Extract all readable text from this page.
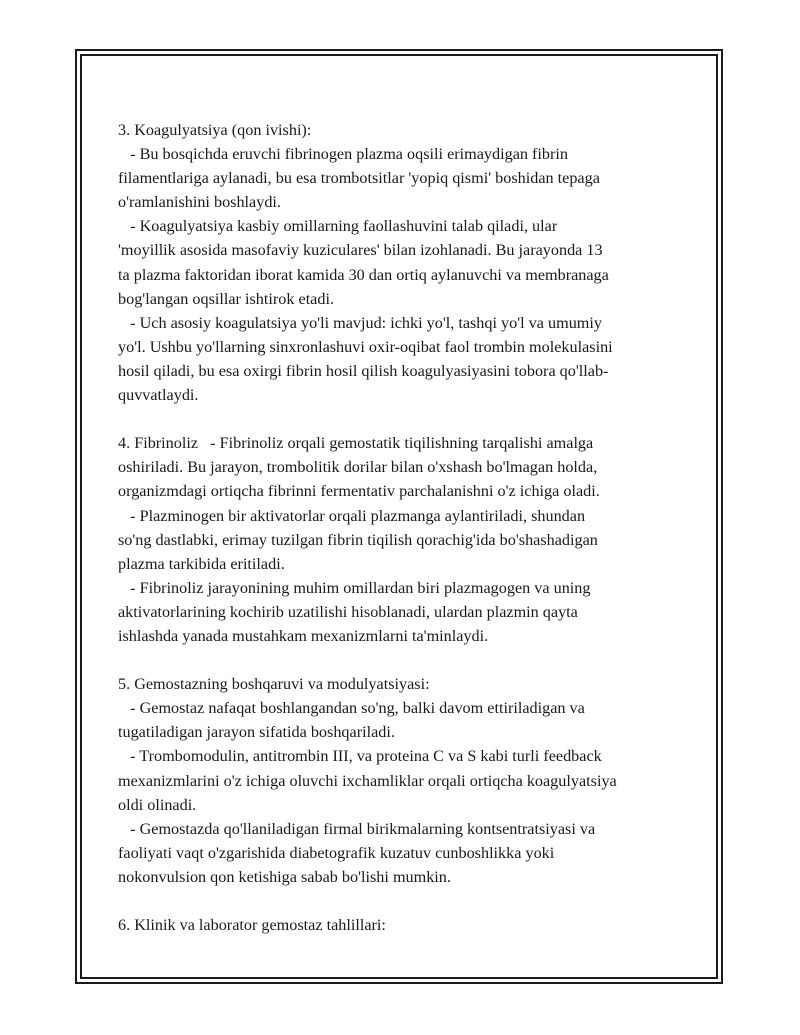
3. Koagulyatsiya (qon ivishi):
- Bu bosqichda eruvchi fibrinogen plazma oqsili erimaydigan fibrin
filamentlariga aylanadi, bu esa trombotsitlar 'yopiq qismi' boshidan tepaga
o'ramlanishini boshlaydi.
- Koagulyatsiya kasbiy omillarning faollashuvini talab qiladi, ular
'moyillik asosida masofaviy kuziculares' bilan izohlanadi. Bu jarayonda 13
ta plazma faktoridan iborat kamida 30 dan ortiq aylanuvchi va membranaga
bog'langan oqsillar ishtirok etadi.
- Uch asosiy koagulatsiya yo'li mavjud: ichki yo'l, tashqi yo'l va umumiy
yo'l. Ushbu yo'llarning sinxronlashuvi oxir-oqibat faol trombin molekulasini
hosil qiladi, bu esa oxirgi fibrin hosil qilish koagulyasiyasini tobora qo'llab-
quvvatlaydi.
4. Fibrinoliz   - Fibrinoliz orqali gemostatik tiqilishning tarqalishi amalga
oshiriladi. Bu jarayon, trombolitik dorilar bilan o'xshash bo'lmagan holda,
organizmdagi ortiqcha fibrinni fermentativ parchalanishni o'z ichiga oladi.
- Plazminogen bir aktivatorlar orqali plazmanga aylantiriladi, shundan
so'ng dastlabki, erimay tuzilgan fibrin tiqilish qorachig'ida bo'shashadigan
plazma tarkibida eritiladi.
- Fibrinoliz jarayonining muhim omillardan biri plazmagogen va uning
aktivatorlarining kochirib uzatilishi hisoblanadi, ulardan plazmin qayta
ishlashda yanada mustahkam mexanizmlarni ta'minlaydi.
5. Gemostazning boshqaruvi va modulyatsiyasi:
- Gemostaz nafaqat boshlangandan so'ng, balki davom ettiriladigan va
tugatiladigan jarayon sifatida boshqariladi.
- Trombomodulin, antitrombin III, va proteina C va S kabi turli feedback
mexanizmlarini o'z ichiga oluvchi ixchamliklar orqali ortiqcha koagulyatsiya
oldi olinadi.
- Gemostazda qo'llaniladigan firmal birikmalarning kontsentratsiyasi va
faoliyati vaqt o'zgarishida diabetografik kuzatuv cunboshlikka yoki
nokonvulsion qon ketishiga sabab bo'lishi mumkin.
6. Klinik va laborator gemostaz tahlillari:
